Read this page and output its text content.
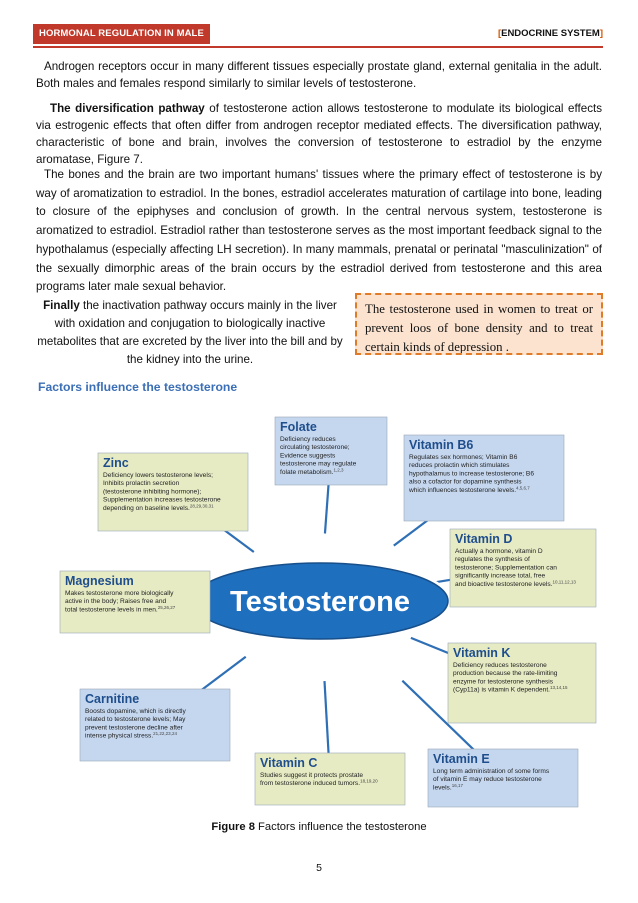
HORMONAL REGULATION IN MALE	[ENDOCRINE SYSTEM]
Androgen receptors occur in many different tissues especially prostate gland, external genitalia in the adult. Both males and females respond similarly to similar levels of testosterone.
The diversification pathway of testosterone action allows testosterone to modulate its biological effects via estrogenic effects that often differ from androgen receptor mediated effects. The diversification pathway, characteristic of bone and brain, involves the conversion of testosterone to estradiol by the enzyme aromatase, Figure 7.
The bones and the brain are two important humans' tissues where the primary effect of testosterone is by way of aromatization to estradiol. In the bones, estradiol accelerates maturation of cartilage into bone, leading to closure of the epiphyses and conclusion of growth. In the central nervous system, testosterone is aromatized to estradiol. Estradiol rather than testosterone serves as the most important feedback signal to the hypothalamus (especially affecting LH secretion). In many mammals, prenatal or perinatal "masculinization" of the sexually dimorphic areas of the brain occurs by the estradiol derived from testosterone and this area programs later male sexual behavior.
Finally the inactivation pathway occurs mainly in the liver with oxidation and conjugation to biologically inactive metabolites that are excreted by the liver into the bill and by the kidney into the urine.
The testosterone used in women to treat or prevent loos of bone density and to treat certain kinds of depression .
Factors influence the testosterone
Testosterone
Folate
Deficiency reduces
circulating testosterone;
Evidence suggests
testosterone may regulate
folate metabolism.$^{1,2,3}$
Vitamin B6
Regulates sex hormones; Vitamin B6
reduces prolactin which stimulates
hypothalamus to increase testosterone; B6
also a cofactor for dopamine synthesis
which influences testosterone levels.$^{4,5,6,7}$
Zinc
Deficiency lowers testosterone levels;
Inhibits prolactin secretion
(testosterone inhibiting hormone);
Supplementation increases testosterone
depending on baseline levels.$^{28,29,30,31}$
Vitamin D
Actually a hormone, vitamin D
regulates the synthesis of
testosterone; Supplementation can
significantly increase total, free
and bioactive testosterone levels.$^{10,11,12,13}$
Magnesium
Makes testosterone more biologically
active in the body; Raises free and
total testosterone levels in men.$^{25,26,27}$
Vitamin K
Deficiency reduces testosterone
production because the rate-limiting
enzyme for testosterone synthesis
(Cyp11a) is vitamin K dependent.$^{13,14,15}$
Carnitine
Boosts dopamine, which is directly
related to testosterone levels; May
prevent testosterone decline after
intense physical stress.$^{21,22,23,24}$
Vitamin C
Studies suggest it protects prostate
from testosterone induced tumors.$^{18,19,20}$
Vitamin E
Long term administration of some forms
of vitamin E may reduce testosterone
levels.$^{16,17}$
Figure 8 Factors influence the testosterone
5
